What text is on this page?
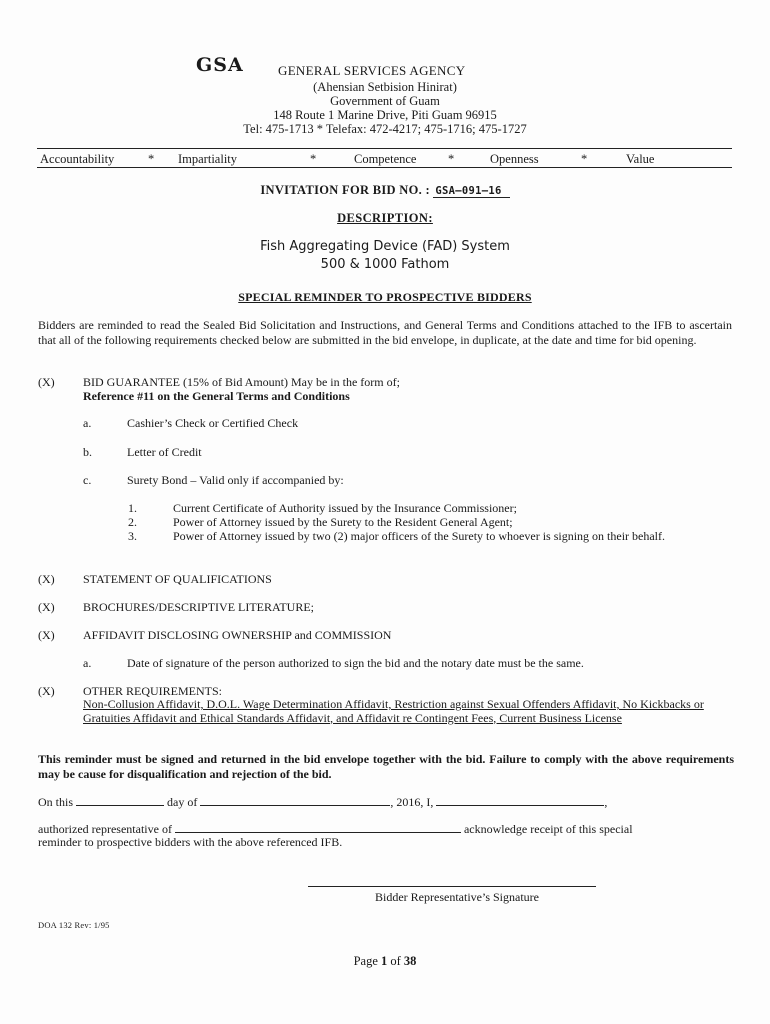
GSA	GENERAL SERVICES AGENCY
(Ahensian Setbision Hinirat)
Government of Guam
148 Route 1 Marine Drive, Piti Guam 96915
Tel: 475-1713 * Telefax: 472-4217; 475-1716; 475-1727
Accountability	* Impartiality	*	Competence	*	Openness	*	Value
INVITATION FOR BID NO. : GSA–091–16
DESCRIPTION:
Fish Aggregating Device (FAD) System
500 & 1000 Fathom
SPECIAL REMINDER TO PROSPECTIVE BIDDERS
Bidders are reminded to read the Sealed Bid Solicitation and Instructions, and General Terms and Conditions attached to the IFB to ascertain that all of the following requirements checked below are submitted in the bid envelope, in duplicate, at the date and time for bid opening.
(X) BID GUARANTEE (15% of Bid Amount) May be in the form of;
Reference #11 on the General Terms and Conditions
a.	Cashier’s Check or Certified Check
b.	Letter of Credit
c.	Surety Bond – Valid only if accompanied by:
1.	Current Certificate of Authority issued by the Insurance Commissioner;
2.	Power of Attorney issued by the Surety to the Resident General Agent;
3.	Power of Attorney issued by two (2) major officers of the Surety to whoever is signing on their behalf.
(X) STATEMENT OF QUALIFICATIONS
(X) BROCHURES/DESCRIPTIVE LITERATURE;
(X) AFFIDAVIT DISCLOSING OWNERSHIP and COMMISSION
a.	Date of signature of the person authorized to sign the bid and the notary date must be the same.
(X) OTHER REQUIREMENTS:
Non-Collusion Affidavit, D.O.L. Wage Determination Affidavit, Restriction against Sexual Offenders Affidavit, No Kickbacks or Gratuities Affidavit and Ethical Standards Affidavit, and Affidavit re Contingent Fees, Current Business License
This reminder must be signed and returned in the bid envelope together with the bid. Failure to comply with the above requirements may be cause for disqualification and rejection of the bid.
On this	day of	, 2016, I,	,
authorized representative of	acknowledge receipt of this special
reminder to prospective bidders with the above referenced IFB.
Bidder Representative’s Signature
DOA 132 Rev: 1/95
Page 1 of 38
